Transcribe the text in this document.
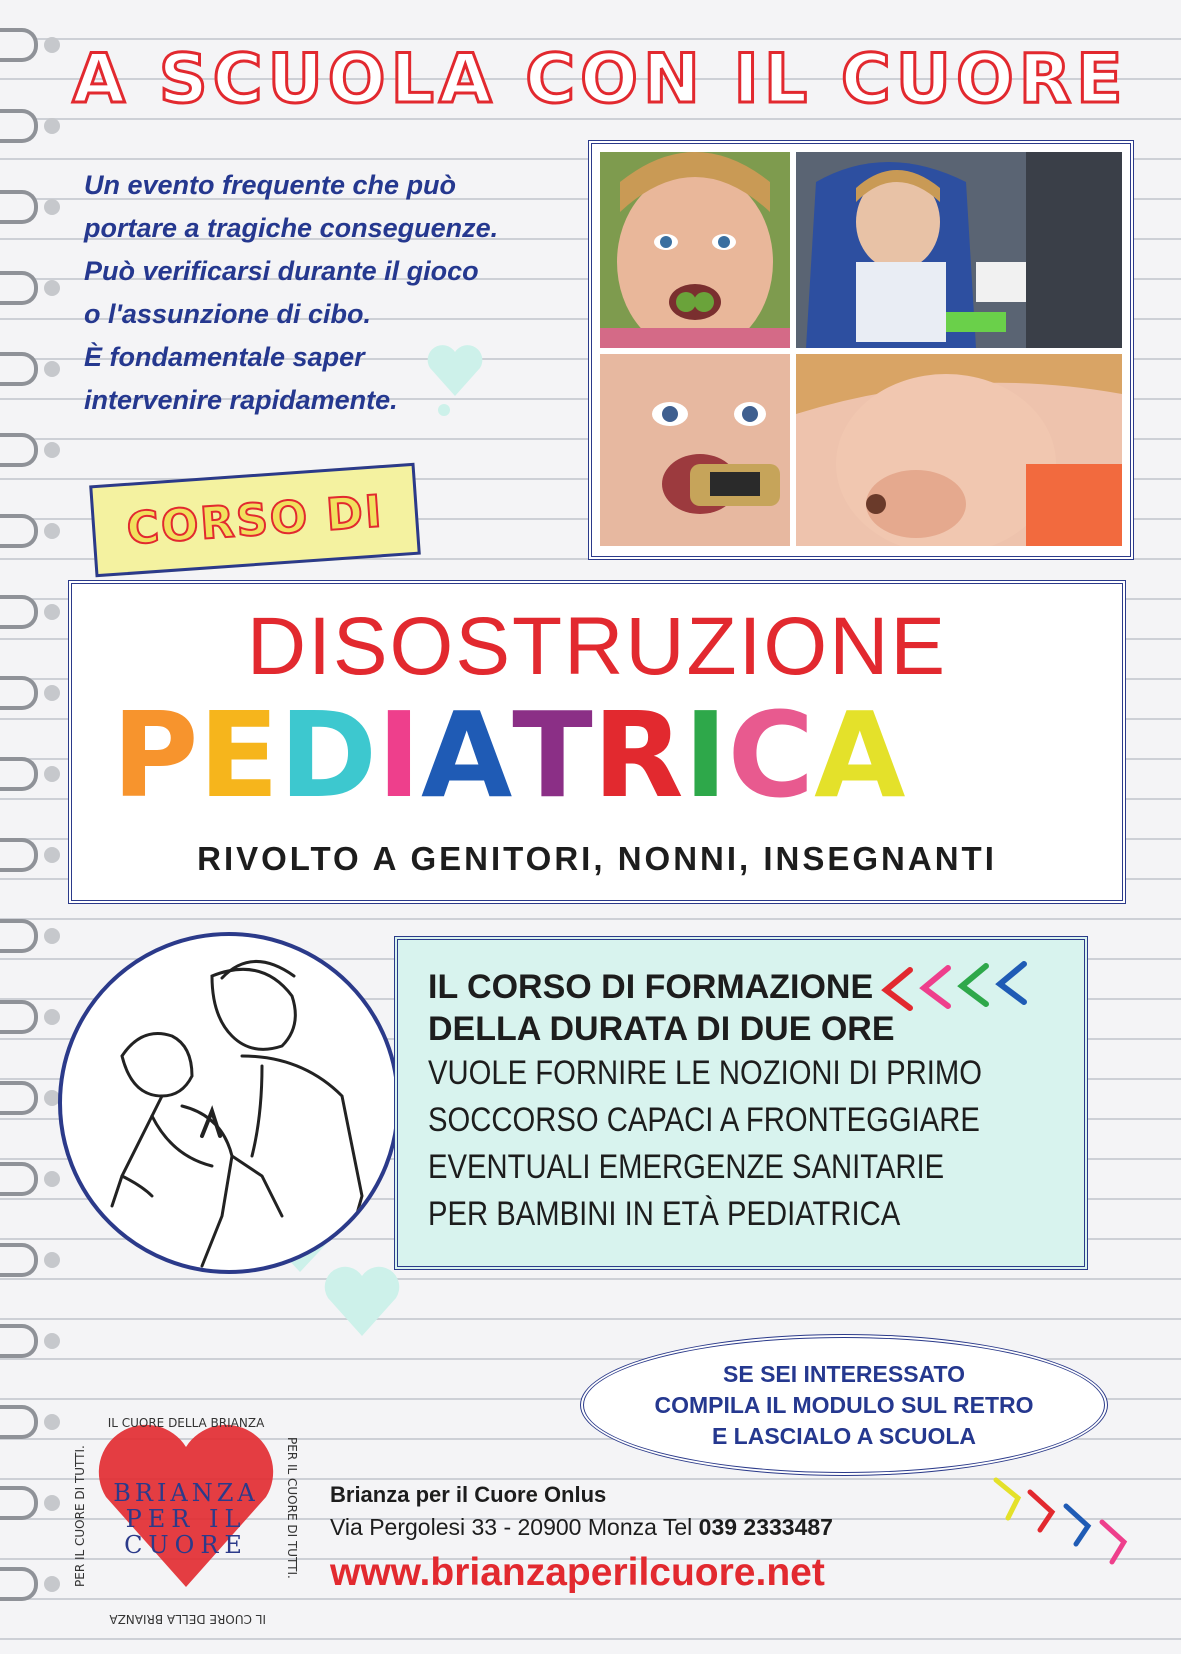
A SCUOLA CON IL CUORE
Un evento frequente che può
portare a tragiche conseguenze.
Può verificarsi durante il gioco
o l'assunzione di cibo.
È fondamentale saper
intervenire rapidamente.
CORSO DI
DISOSTRUZIONE
P E D I A T R I C A
RIVOLTO A GENITORI, NONNI, INSEGNANTI
IL CORSO DI FORMAZIONE
DELLA DURATA DI DUE ORE
VUOLE FORNIRE LE NOZIONI DI PRIMO
SOCCORSO CAPACI A FRONTEGGIARE
EVENTUALI EMERGENZE SANITARIE
PER BAMBINI IN ETÀ PEDIATRICA
SE SEI INTERESSATO
COMPILA IL MODULO SUL RETRO
E LASCIALO A SCUOLA
IL CUORE DELLA BRIANZA
PER IL CUORE DI TUTTI.
IL CUORE DELLA BRIANZA
PER IL CUORE DI TUTTI. BRIANZA
PER IL
CUORE

Brianza per il Cuore Onlus

Via Pergolesi 33 - 20900 Monza Tel 039 2333487

www.brianzaperilcuore.net
